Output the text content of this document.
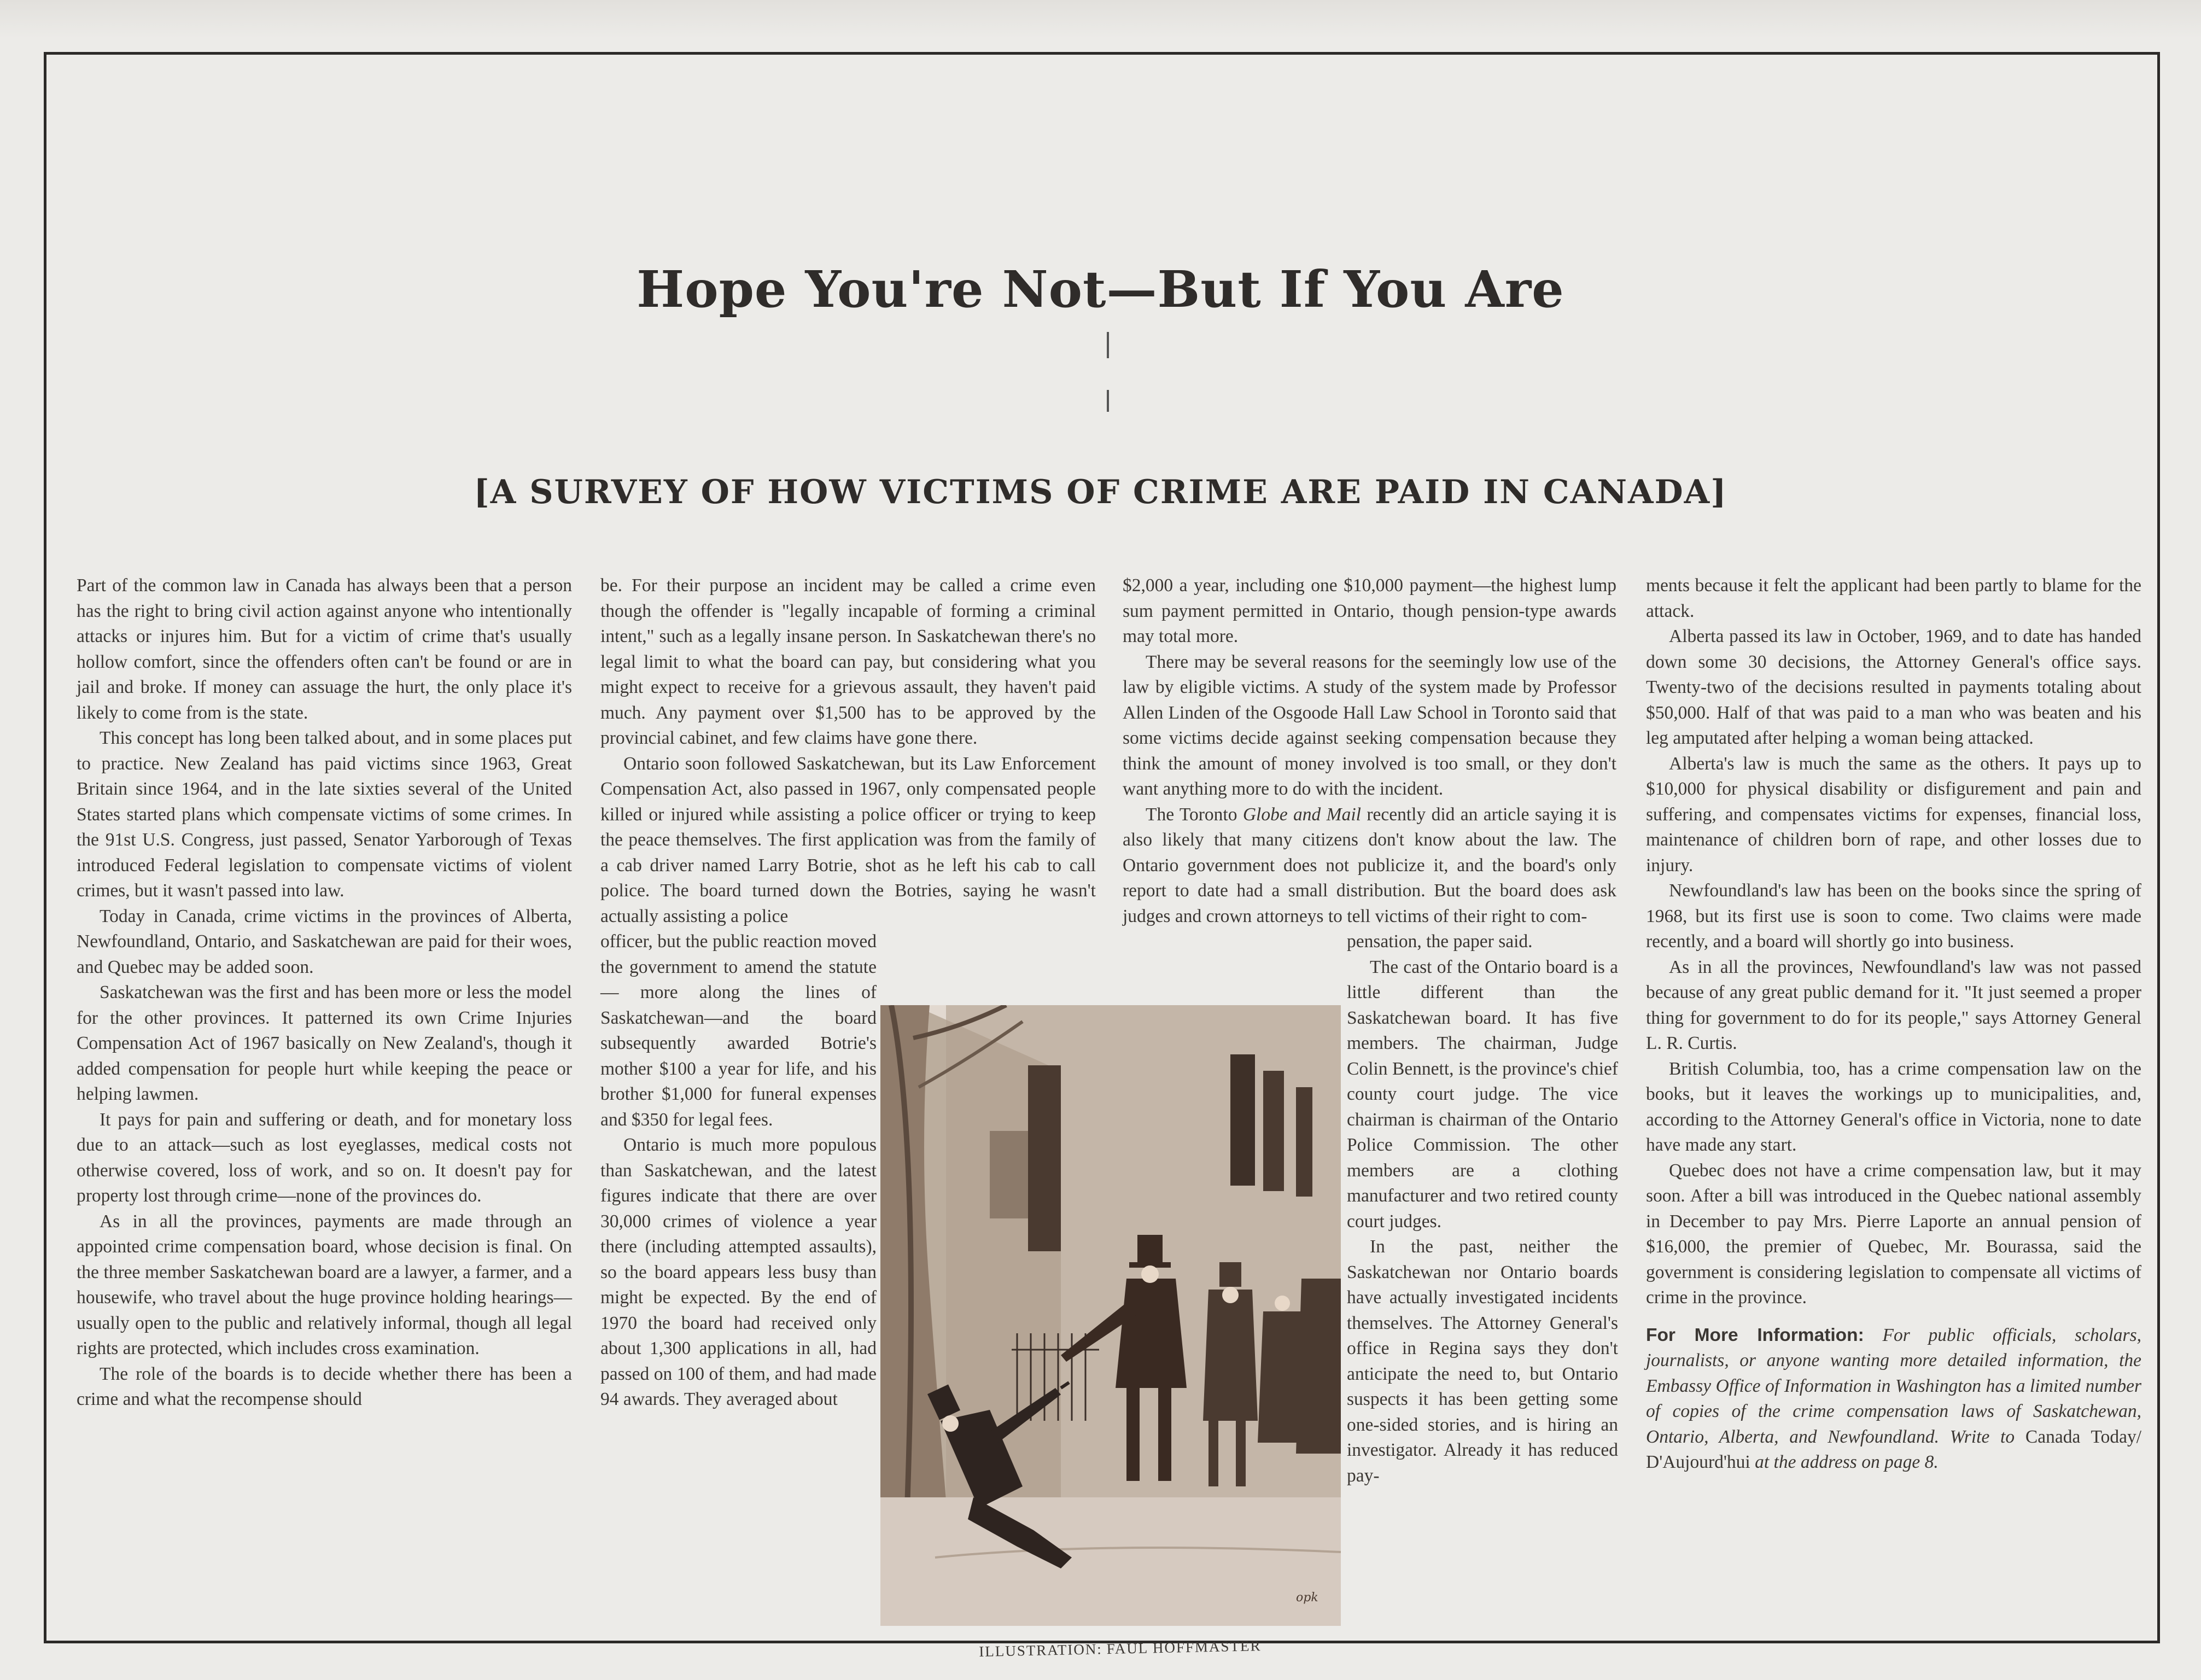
Hope You're Not—But If You Are
[A SURVEY OF HOW VICTIMS OF CRIME ARE PAID IN CANADA]

Part of the common law in Canada has always been that a person has the right to bring civil action against anyone who intentionally attacks or injures him. But for a victim of crime that's usually hollow comfort, since the offenders often can't be found or are in jail and broke. If money can assuage the hurt, the only place it's likely to come from is the state.

This concept has long been talked about, and in some places put to practice. New Zealand has paid victims since 1963, Great Britain since 1964, and in the late sixties several of the United States started plans which compensate victims of some crimes. In the 91st U.S. Congress, just passed, Senator Yarborough of Texas introduced Federal legislation to compensate victims of violent crimes, but it wasn't passed into law.

Today in Canada, crime victims in the provinces of Alberta, Newfoundland, Ontario, and Saskatchewan are paid for their woes, and Quebec may be added soon.

Saskatchewan was the first and has been more or less the model for the other provinces. It patterned its own Crime Injuries Compensation Act of 1967 basically on New Zealand's, though it added compensation for people hurt while keeping the peace or helping lawmen.

It pays for pain and suffering or death, and for monetary loss due to an attack—such as lost eyeglasses, medical costs not otherwise covered, loss of work, and so on. It doesn't pay for property lost through crime—none of the provinces do.

As in all the provinces, payments are made through an appointed crime compensation board, whose decision is final. On the three member Saskatchewan board are a lawyer, a farmer, and a housewife, who travel about the huge province holding hearings—usually open to the public and relatively informal, though all legal rights are protected, which includes cross examination.

The role of the boards is to decide whether there has been a crime and what the recompense should

be. For their purpose an incident may be called a crime even though the offender is "legally incapable of forming a criminal intent," such as a legally insane person. In Saskatchewan there's no legal limit to what the board can pay, but considering what you might expect to receive for a grievous assault, they haven't paid much. Any payment over $1,500 has to be approved by the provincial cabinet, and few claims have gone there.

Ontario soon followed Saskatchewan, but its Law Enforcement Compensation Act, also passed in 1967, only compensated people killed or injured while assisting a police officer or trying to keep the peace themselves. The first application was from the family of a cab driver named Larry Botrie, shot as he left his cab to call police. The board turned down the Botries, saying he wasn't actually assisting a police

officer, but the public reaction moved the government to amend the statute — more along the lines of Saskatchewan—and the board subsequently awarded Botrie's mother $100 a year for life, and his brother $1,000 for funeral expenses and $350 for legal fees.

Ontario is much more populous than Saskatchewan, and the latest figures indicate that there are over 30,000 crimes of violence a year there (including attempted assaults), so the board appears less busy than might be expected. By the end of 1970 the board had received only about 1,300 applications in all, had passed on 100 of them, and had made 94 awards. They averaged about

$2,000 a year, including one $10,000 payment—the highest lump sum payment permitted in Ontario, though pension-type awards may total more.

There may be several reasons for the seemingly low use of the law by eligible victims. A study of the system made by Professor Allen Linden of the Osgoode Hall Law School in Toronto said that some victims decide against seeking compensation because they think the amount of money involved is too small, or they don't want anything more to do with the incident.

The Toronto Globe and Mail recently did an article saying it is also likely that many citizens don't know about the law. The Ontario government does not publicize it, and the board's only report to date had a small distribution. But the board does ask judges and crown attorneys to tell victims of their right to com-

pensation, the paper said.

The cast of the Ontario board is a little different than the Saskatchewan board. It has five members. The chairman, Judge Colin Bennett, is the province's chief county court judge. The vice chairman is chairman of the Ontario Police Commission. The other members are a clothing manufacturer and two retired county court judges.

In the past, neither the Saskatchewan nor Ontario boards have actually investigated incidents themselves. The Attorney General's office in Regina says they don't anticipate the need to, but Ontario suspects it has been getting some one-sided stories, and is hiring an investigator. Already it has reduced pay-

ments because it felt the applicant had been partly to blame for the attack.

Alberta passed its law in October, 1969, and to date has handed down some 30 decisions, the Attorney General's office says. Twenty-two of the decisions resulted in payments totaling about $50,000. Half of that was paid to a man who was beaten and his leg amputated after helping a woman being attacked.

Alberta's law is much the same as the others. It pays up to $10,000 for physical disability or disfigurement and pain and suffering, and compensates victims for expenses, financial loss, maintenance of children born of rape, and other losses due to injury.

Newfoundland's law has been on the books since the spring of 1968, but its first use is soon to come. Two claims were made recently, and a board will shortly go into business.

As in all the provinces, Newfoundland's law was not passed because of any great public demand for it. "It just seemed a proper thing for government to do for its people," says Attorney General L. R. Curtis.

British Columbia, too, has a crime compensation law on the books, but it leaves the workings up to municipalities, and, according to the Attorney General's office in Victoria, none to date have made any start.

Quebec does not have a crime compensation law, but it may soon. After a bill was introduced in the Quebec national assembly in December to pay Mrs. Pierre Laporte an annual pension of $16,000, the premier of Quebec, Mr. Bourassa, said the government is considering legislation to compensate all victims of crime in the province.

For More Information: For public officials, scholars, journalists, or anyone wanting more detailed information, the Embassy Office of Information in Washington has a limited number of copies of the crime compensation laws of Saskatchewan, Ontario, Alberta, and Newfoundland. Write to Canada Today/ D'Aujourd'hui at the address on page 8.

opk
ILLUSTRATION: FAUL HOFFMASTER
